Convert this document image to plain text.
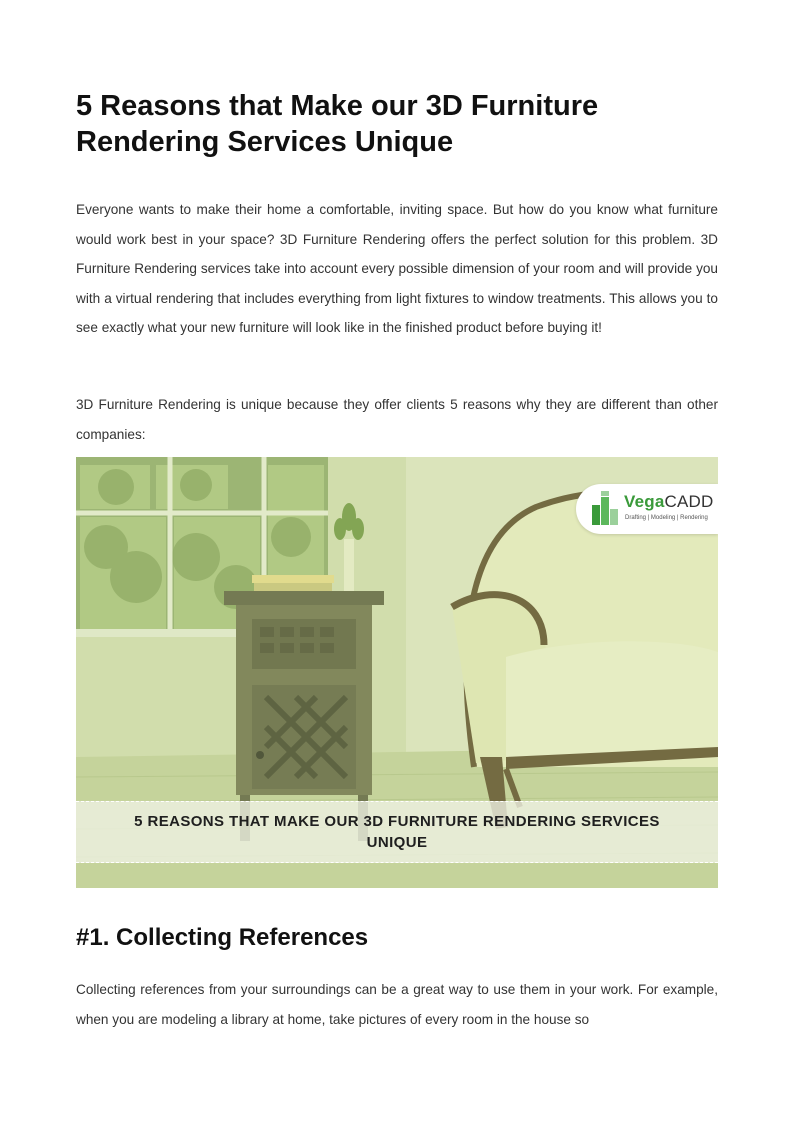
5 Reasons that Make our 3D Furniture Rendering Services Unique

Everyone wants to make their home a comfortable, inviting space. But how do you know what furniture would work best in your space? 3D Furniture Rendering offers the perfect solution for this problem. 3D Furniture Rendering services take into account every possible dimension of your room and will provide you with a virtual rendering that includes everything from light fixtures to window treatments. This allows you to see exactly what your new furniture will look like in the finished product before buying it!

3D Furniture Rendering is unique because they offer clients 5 reasons why they are different than other companies:

VegaCADD
Drafting | Modeling | Rendering
5 REASONS THAT MAKE OUR 3D FURNITURE RENDERING SERVICES UNIQUE
#1. Collecting References

Collecting references from your surroundings can be a great way to use them in your work. For example, when you are modeling a library at home, take pictures of every room in the house so
